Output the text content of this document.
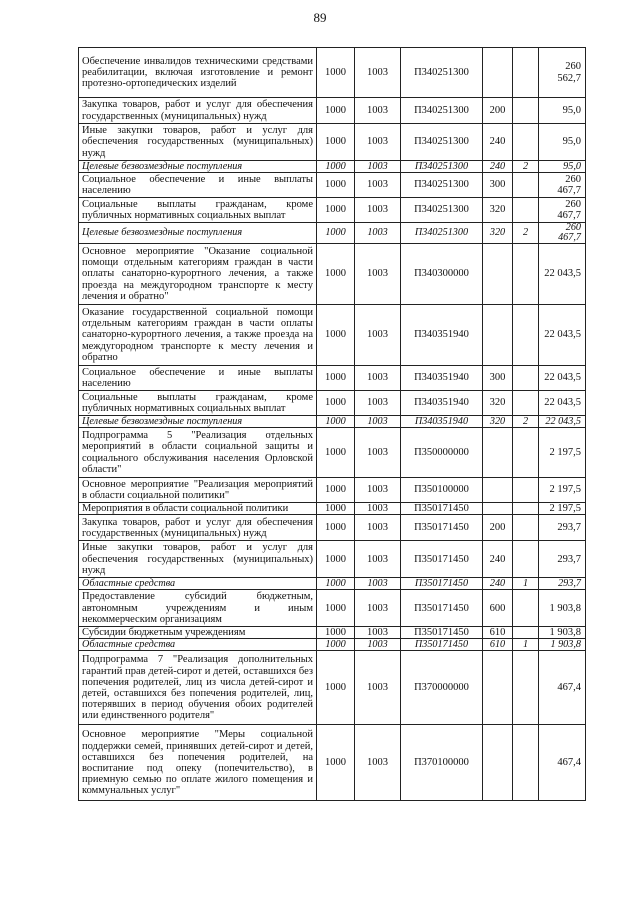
89
Обеспечение инвалидов техническими средствами реабилитации, включая изготовление и ремонт протезно-ортопедических изделий	1000	1003	П340251300			260 562,7
Закупка товаров, работ и услуг для обеспечения государственных (муниципальных) нужд	1000	1003	П340251300	200		95,0
Иные закупки товаров, работ и услуг для обеспечения государственных (муниципальных) нужд	1000	1003	П340251300	240		95,0
Целевые безвозмездные поступления	1000	1003	П340251300	240	2	95,0
Социальное обеспечение и иные выплаты населению	1000	1003	П340251300	300		260 467,7
Социальные выплаты гражданам, кроме публичных нормативных социальных выплат	1000	1003	П340251300	320		260 467,7
Целевые безвозмездные поступления	1000	1003	П340251300	320	2	260 467,7
Основное мероприятие "Оказание социальной помощи отдельным категориям граждан в части оплаты санаторно-курортного лечения, а также проезда на междугородном транспорте к месту лечения и обратно"	1000	1003	П340300000			22 043,5
Оказание государственной социальной помощи отдельным категориям граждан в части оплаты санаторно-курортного лечения, а также проезда на междугородном транспорте к месту лечения и обратно	1000	1003	П340351940			22 043,5
Социальное обеспечение и иные выплаты населению	1000	1003	П340351940	300		22 043,5
Социальные выплаты гражданам, кроме публичных нормативных социальных выплат	1000	1003	П340351940	320		22 043,5
Целевые безвозмездные поступления	1000	1003	П340351940	320	2	22 043,5
Подпрограмма 5 "Реализация отдельных мероприятий в области социальной защиты и социального обслуживания населения Орловской области"	1000	1003	П350000000			2 197,5
Основное мероприятие "Реализация мероприятий в области социальной политики"	1000	1003	П350100000			2 197,5
Мероприятия в области социальной политики	1000	1003	П350171450			2 197,5
Закупка товаров, работ и услуг для обеспечения государственных (муниципальных) нужд	1000	1003	П350171450	200		293,7
Иные закупки товаров, работ и услуг для обеспечения государственных (муниципальных) нужд	1000	1003	П350171450	240		293,7
Областные средства	1000	1003	П350171450	240	1	293,7
Предоставление субсидий бюджетным, автономным учреждениям и иным некоммерческим организациям	1000	1003	П350171450	600		1 903,8
Субсидии бюджетным учреждениям	1000	1003	П350171450	610		1 903,8
Областные средства	1000	1003	П350171450	610	1	1 903,8
Подпрограмма 7 "Реализация дополнительных гарантий прав детей-сирот и детей, оставшихся без попечения родителей, лиц из числа детей-сирот и детей, оставшихся без попечения родителей, лиц, потерявших в период обучения обоих родителей или единственного родителя"	1000	1003	П370000000			467,4
Основное мероприятие "Меры социальной поддержки семей, принявших детей-сирот и детей, оставшихся без попечения родителей, на воспитание под опеку (попечительство), в приемную семью по оплате жилого помещения и коммунальных услуг"	1000	1003	П370100000			467,4
